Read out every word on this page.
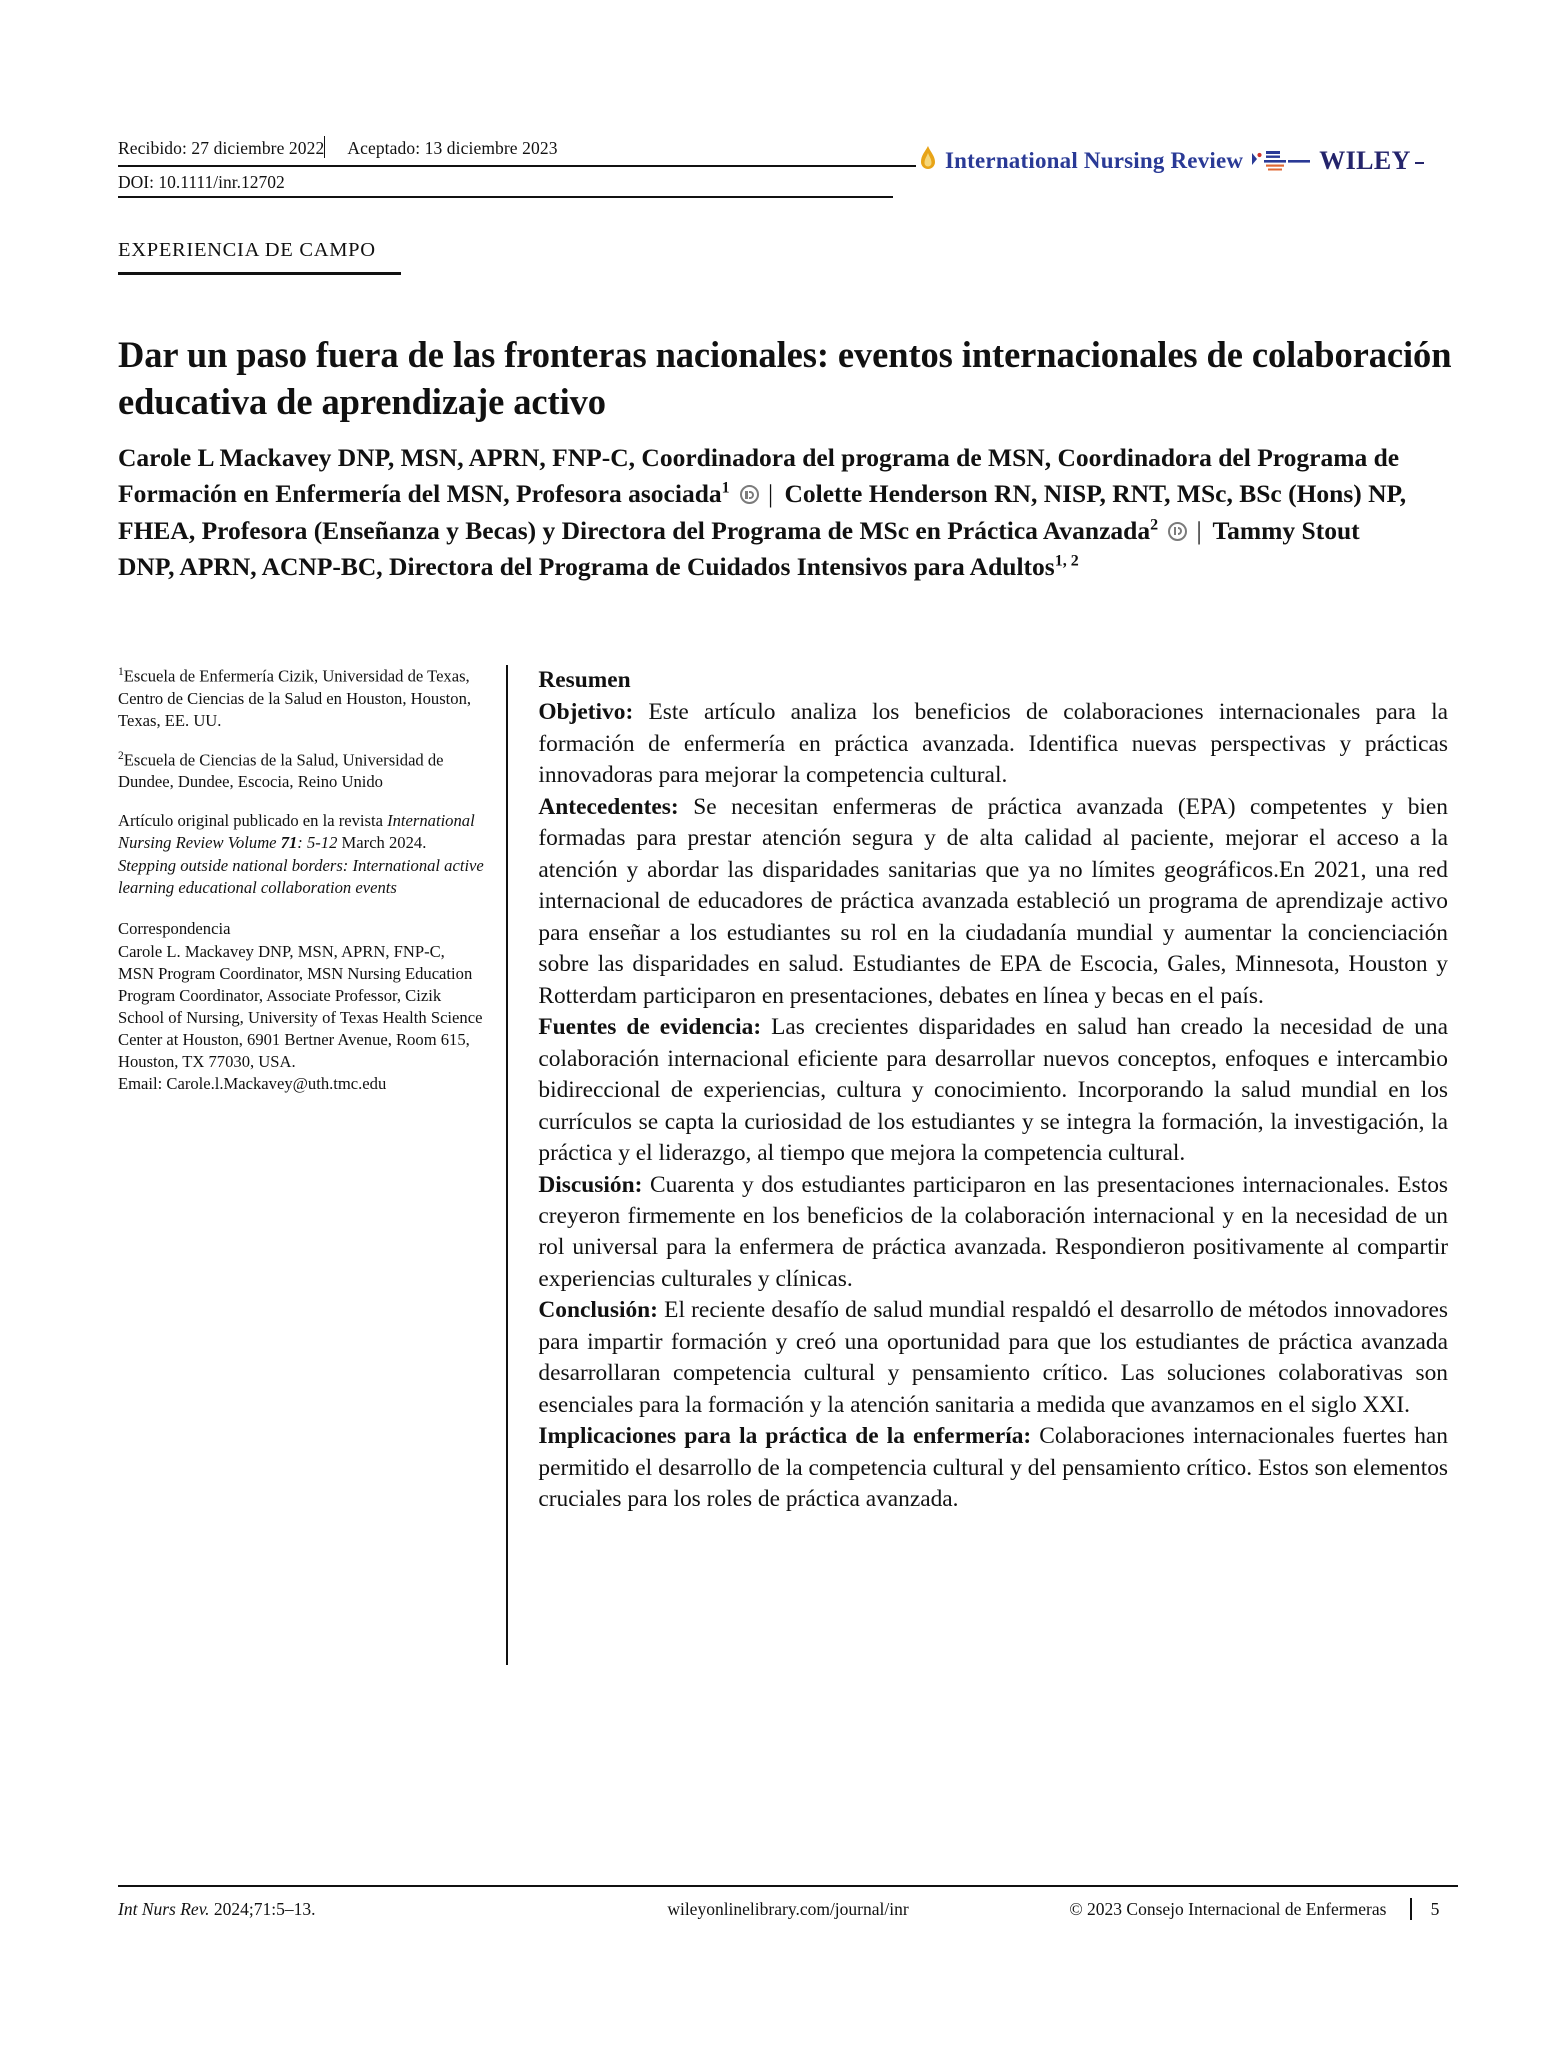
Recibido: 27 diciembre 2022	Aceptado: 13 diciembre 2023
DOI: 10.1111/inr.12702
International Nursing Review	WILEY
EXPERIENCIA DE CAMPO
Dar un paso fuera de las fronteras nacionales: eventos internacionales de colaboración educativa de aprendizaje activo
Carole L Mackavey DNP, MSN, APRN, FNP-C, Coordinadora del programa de MSN, Coordinadora del Programa de Formación en Enfermería del MSN, Profesora asociada$^1$ | Colette Henderson RN, NISP, RNT, MSc, BSc (Hons) NP, FHEA, Profesora (Enseñanza y Becas) y Directora del Programa de MSc en Práctica Avanzada$^2$ | Tammy Stout DNP, APRN, ACNP-BC, Directora del Programa de Cuidados Intensivos para Adultos$^{1, 2}$
$^1$Escuela de Enfermería Cizik, Universidad de Texas, Centro de Ciencias de la Salud en Houston, Houston, Texas, EE. UU.
$^2$Escuela de Ciencias de la Salud, Universidad de Dundee, Dundee, Escocia, Reino Unido
Artículo original publicado en la revista International Nursing Review Volume 71: 5-12 March 2024. Stepping outside national borders: International active learning educational collaboration events
Correspondencia
Carole L. Mackavey DNP, MSN, APRN, FNP-C, MSN Program Coordinator, MSN Nursing Education Program Coordinator, Associate Professor, Cizik School of Nursing, University of Texas Health Science Center at Houston, 6901 Bertner Avenue, Room 615, Houston, TX 77030, USA.
Email: Carole.l.Mackavey@uth.tmc.edu
Resumen

Objetivo: Este artículo analiza los beneficios de colaboraciones internacionales para la formación de enfermería en práctica avanzada. Identifica nuevas perspectivas y prácticas innovadoras para mejorar la competencia cultural.

Antecedentes: Se necesitan enfermeras de práctica avanzada (EPA) competentes y bien formadas para prestar atención segura y de alta calidad al paciente, mejorar el acceso a la atención y abordar las disparidades sanitarias que ya no límites geográficos.En 2021, una red internacional de educadores de práctica avanzada estableció un programa de aprendizaje activo para enseñar a los estudiantes su rol en la ciudadanía mundial y aumentar la concienciación sobre las disparidades en salud. Estudiantes de EPA de Escocia, Gales, Minnesota, Houston y Rotterdam participaron en presentaciones, debates en línea y becas en el país.

Fuentes de evidencia: Las crecientes disparidades en salud han creado la necesidad de una colaboración internacional eficiente para desarrollar nuevos conceptos, enfoques e intercambio bidireccional de experiencias, cultura y conocimiento. Incorporando la salud mundial en los currículos se capta la curiosidad de los estudiantes y se integra la formación, la investigación, la práctica y el liderazgo, al tiempo que mejora la competencia cultural.

Discusión: Cuarenta y dos estudiantes participaron en las presentaciones internacionales. Estos creyeron firmemente en los beneficios de la colaboración internacional y en la necesidad de un rol universal para la enfermera de práctica avanzada. Respondieron positivamente al compartir experiencias culturales y clínicas.

Conclusión: El reciente desafío de salud mundial respaldó el desarrollo de métodos innovadores para impartir formación y creó una oportunidad para que los estudiantes de práctica avanzada desarrollaran competencia cultural y pensamiento crítico. Las soluciones colaborativas son esenciales para la formación y la atención sanitaria a medida que avanzamos en el siglo XXI.

Implicaciones para la práctica de la enfermería: Colaboraciones internacionales fuertes han permitido el desarrollo de la competencia cultural y del pensamiento crítico. Estos son elementos cruciales para los roles de práctica avanzada.

Int Nurs Rev. 2024;71:5–13.	wileyonlinelibrary.com/journal/inr	© 2023 Consejo Internacional de Enfermeras	5
